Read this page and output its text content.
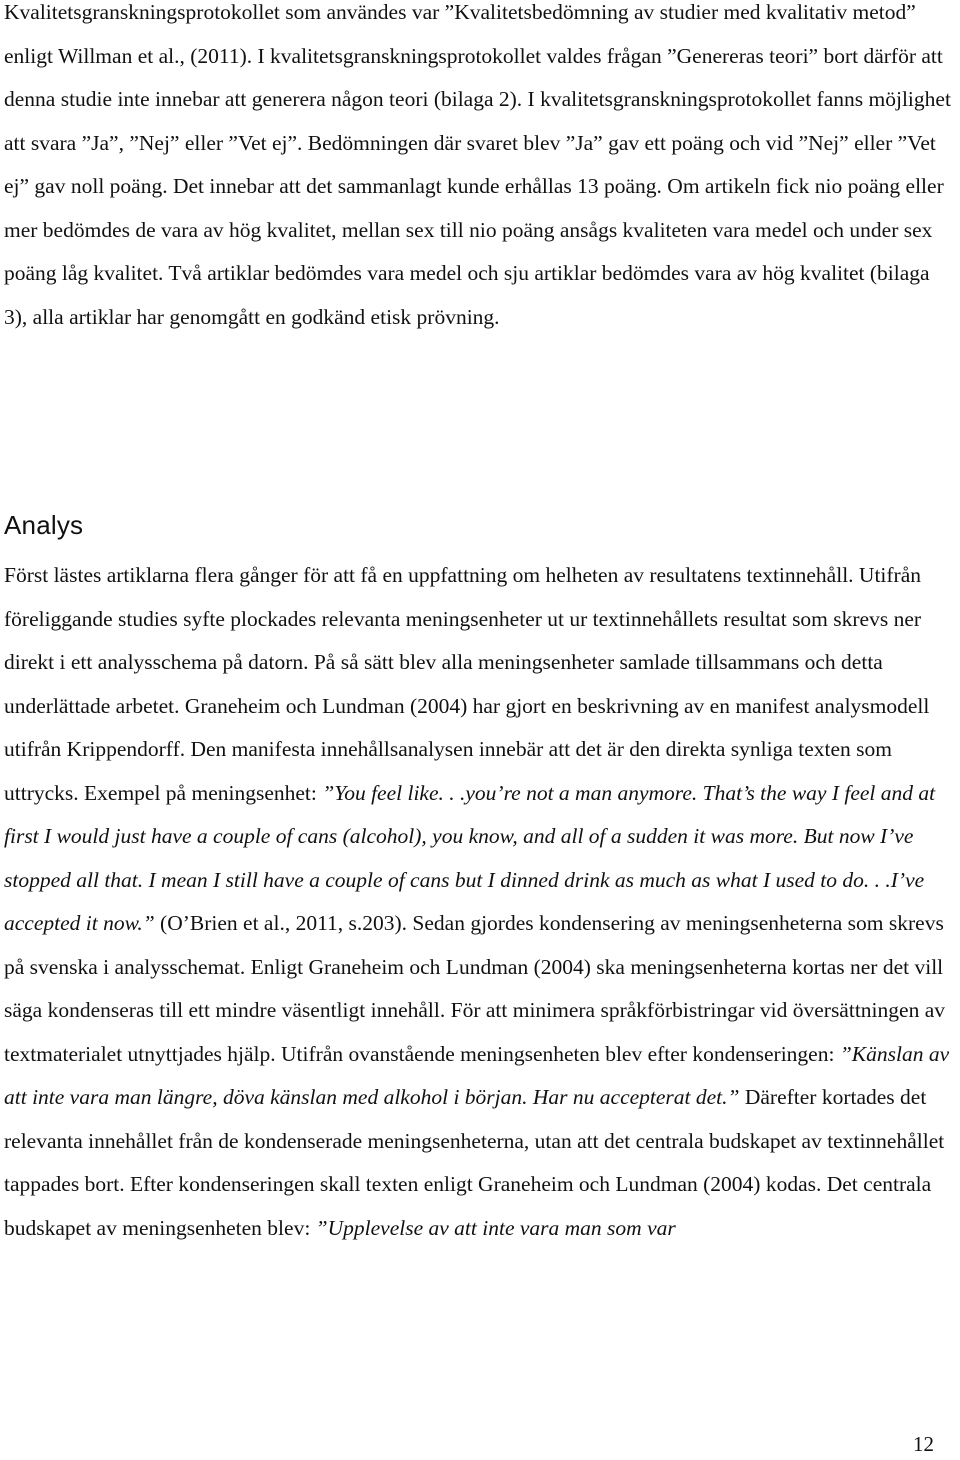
Kvalitetsgranskningsprotokollet som användes var ”Kvalitetsbedömning av studier med kvalitativ metod” enligt Willman et al., (2011). I kvalitetsgranskningsprotokollet valdes frågan ”Genereras teori” bort därför att denna studie inte innebar att generera någon teori (bilaga 2). I kvalitetsgranskningsprotokollet fanns möjlighet att svara ”Ja”, ”Nej” eller ”Vet ej”. Bedömningen där svaret blev ”Ja” gav ett poäng och vid ”Nej” eller ”Vet ej” gav noll poäng. Det innebar att det sammanlagt kunde erhållas 13 poäng. Om artikeln fick nio poäng eller mer bedömdes de vara av hög kvalitet, mellan sex till nio poäng ansågs kvaliteten vara medel och under sex poäng låg kvalitet. Två artiklar bedömdes vara medel och sju artiklar bedömdes vara av hög kvalitet (bilaga 3), alla artiklar har genomgått en godkänd etisk prövning.

Analys

Först lästes artiklarna flera gånger för att få en uppfattning om helheten av resultatens textinnehåll. Utifrån föreliggande studies syfte plockades relevanta meningsenheter ut ur textinnehållets resultat som skrevs ner direkt i ett analysschema på datorn. På så sätt blev alla meningsenheter samlade tillsammans och detta underlättade arbetet. Graneheim och Lundman (2004) har gjort en beskrivning av en manifest analysmodell utifrån Krippendorff. Den manifesta innehållsanalysen innebär att det är den direkta synliga texten som uttrycks. Exempel på meningsenhet: ”You feel like. . .you’re not a man anymore. That’s the way I feel and at first I would just have a couple of cans (alcohol), you know, and all of a sudden it was more. But now I’ve stopped all that. I mean I still have a couple of cans but I dinned drink as much as what I used to do. . .I’ve accepted it now.” (O’Brien et al., 2011, s.203). Sedan gjordes kondensering av meningsenheterna som skrevs på svenska i analysschemat. Enligt Graneheim och Lundman (2004) ska meningsenheterna kortas ner det vill säga kondenseras till ett mindre väsentligt innehåll. För att minimera språkförbistringar vid översättningen av textmaterialet utnyttjades hjälp. Utifrån ovanstående meningsenheten blev efter kondenseringen: ”Känslan av att inte vara man längre, döva känslan med alkohol i början. Har nu accepterat det.” Därefter kortades det relevanta innehållet från de kondenserade meningsenheterna, utan att det centrala budskapet av textinnehållet tappades bort. Efter kondenseringen skall texten enligt Graneheim och Lundman (2004) kodas. Det centrala budskapet av meningsenheten blev: ”Upplevelse av att inte vara man som var

12
